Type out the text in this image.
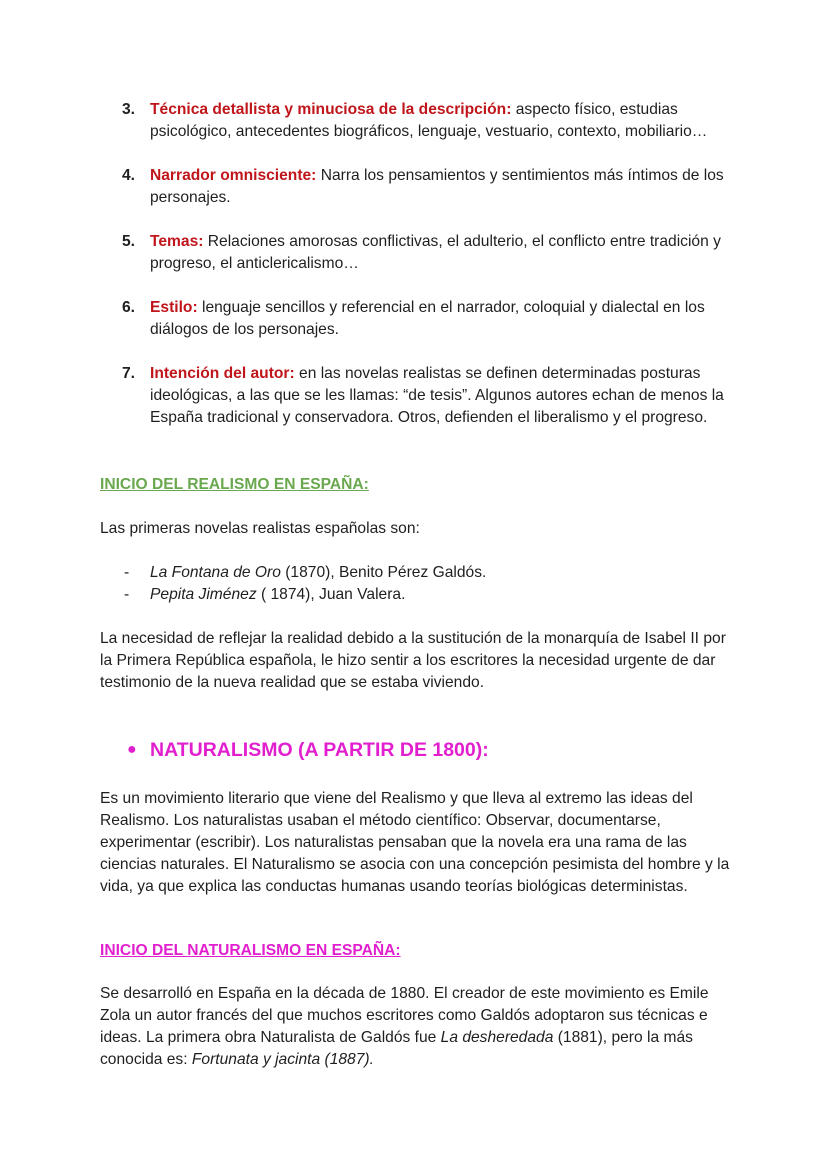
3. Técnica detallista y minuciosa de la descripción: aspecto físico, estudias psicológico, antecedentes biográficos, lenguaje, vestuario, contexto, mobiliario…
4. Narrador omnisciente: Narra los pensamientos y sentimientos más íntimos de los personajes.
5. Temas: Relaciones amorosas conflictivas, el adulterio, el conflicto entre tradición y progreso, el anticlericalismo…
6. Estilo: lenguaje sencillos y referencial en el narrador, coloquial y dialectal en los diálogos de los personajes.
7. Intención del autor: en las novelas realistas se definen determinadas posturas ideológicas, a las que se les llamas: “de tesis”. Algunos autores echan de menos la España tradicional y conservadora. Otros, defienden el liberalismo y el progreso.
INICIO DEL REALISMO EN ESPAÑA:
Las primeras novelas realistas españolas son:
- La Fontana de Oro (1870), Benito Pérez Galdós.
- Pepita Jiménez ( 1874), Juan Valera.
La necesidad de reflejar la realidad debido a la sustitución de la monarquía de Isabel II por la Primera República española, le hizo sentir a los escritores la necesidad urgente de dar testimonio de la nueva realidad que se estaba viviendo.
● NATURALISMO (A PARTIR DE 1800):
Es un movimiento literario que viene del Realismo y que lleva al extremo las ideas del Realismo. Los naturalistas usaban el método científico: Observar, documentarse, experimentar (escribir). Los naturalistas pensaban que la novela era una rama de las ciencias naturales. El Naturalismo se asocia con una concepción pesimista del hombre y la vida, ya que explica las conductas humanas usando teorías biológicas deterministas.
INICIO DEL NATURALISMO EN ESPAÑA:
Se desarrolló en España en la década de 1880. El creador de este movimiento es Emile Zola un autor francés del que muchos escritores como Galdós adoptaron sus técnicas e ideas. La primera obra Naturalista de Galdós fue La desheredada (1881), pero la más conocida es: Fortunata y jacinta (1887).
